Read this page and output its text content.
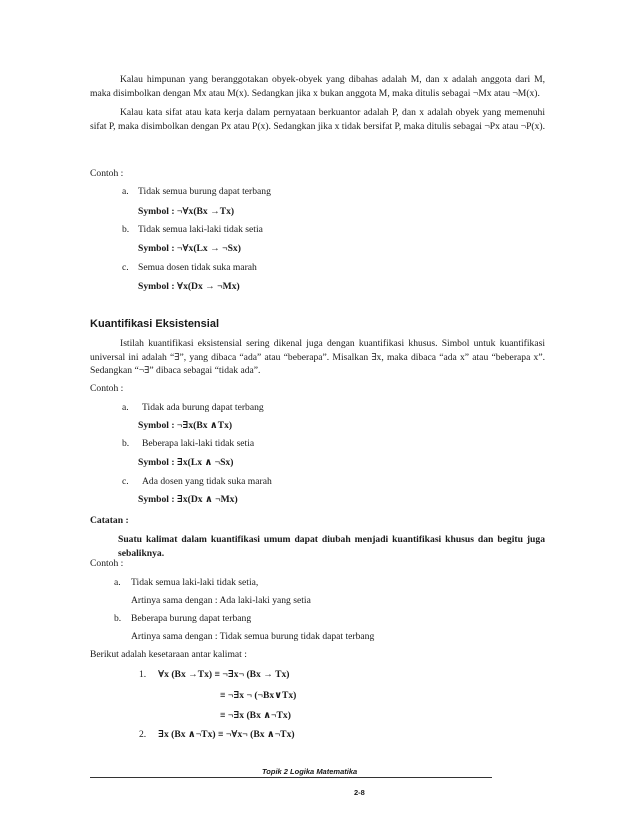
Kalau himpunan yang beranggotakan obyek-obyek yang dibahas adalah M, dan x adalah anggota dari M, maka disimbolkan dengan Mx atau M(x). Sedangkan jika x bukan anggota M, maka ditulis sebagai ¬Mx atau ¬M(x).

Kalau kata sifat atau kata kerja dalam pernyataan berkuantor adalah P, dan x adalah obyek yang memenuhi sifat P, maka disimbolkan dengan Px atau P(x). Sedangkan jika x tidak bersifat P, maka ditulis sebagai ¬Px atau ¬P(x).

Contoh :
a. Tidak semua burung dapat terbang
Symbol : ¬∀x(Bx →Tx)
b. Tidak semua laki-laki tidak setia
Symbol : ¬∀x(Lx → ¬Sx)
c. Semua dosen tidak suka marah
Symbol : ∀x(Dx → ¬Mx)
Kuantifikasi Eksistensial

Istilah kuantifikasi eksistensial sering dikenal juga dengan kuantifikasi khusus. Simbol untuk kuantifikasi universal ini adalah “∃”, yang dibaca “ada” atau “beberapa”. Misalkan ∃x, maka dibaca “ada x” atau “beberapa x”. Sedangkan “¬∃” dibaca sebagai “tidak ada”.

Contoh :
a. Tidak ada burung dapat terbang
Symbol : ¬∃x(Bx ∧Tx)
b. Beberapa laki-laki tidak setia
Symbol : ∃x(Lx ∧ ¬Sx)
c. Ada dosen yang tidak suka marah
Symbol : ∃x(Dx ∧ ¬Mx)
Catatan :
Suatu kalimat dalam kuantifikasi umum dapat diubah menjadi kuantifikasi khusus dan begitu juga sebaliknya.
Contoh :
a. Tidak semua laki-laki tidak setia,
Artinya sama dengan : Ada laki-laki yang setia
b. Beberapa burung dapat terbang
Artinya sama dengan : Tidak semua burung tidak dapat terbang
Berikut adalah kesetaraan antar kalimat :
1. ∀x (Bx →Tx) ≡ ¬∃x¬ (Bx → Tx)
≡ ¬∃x ¬ (¬Bx∨Tx)
≡ ¬∃x (Bx ∧¬Tx)
2. ∃x (Bx ∧¬Tx) ≡ ¬∀x¬ (Bx ∧¬Tx)
Topik 2 Logika Matematika
2-8
